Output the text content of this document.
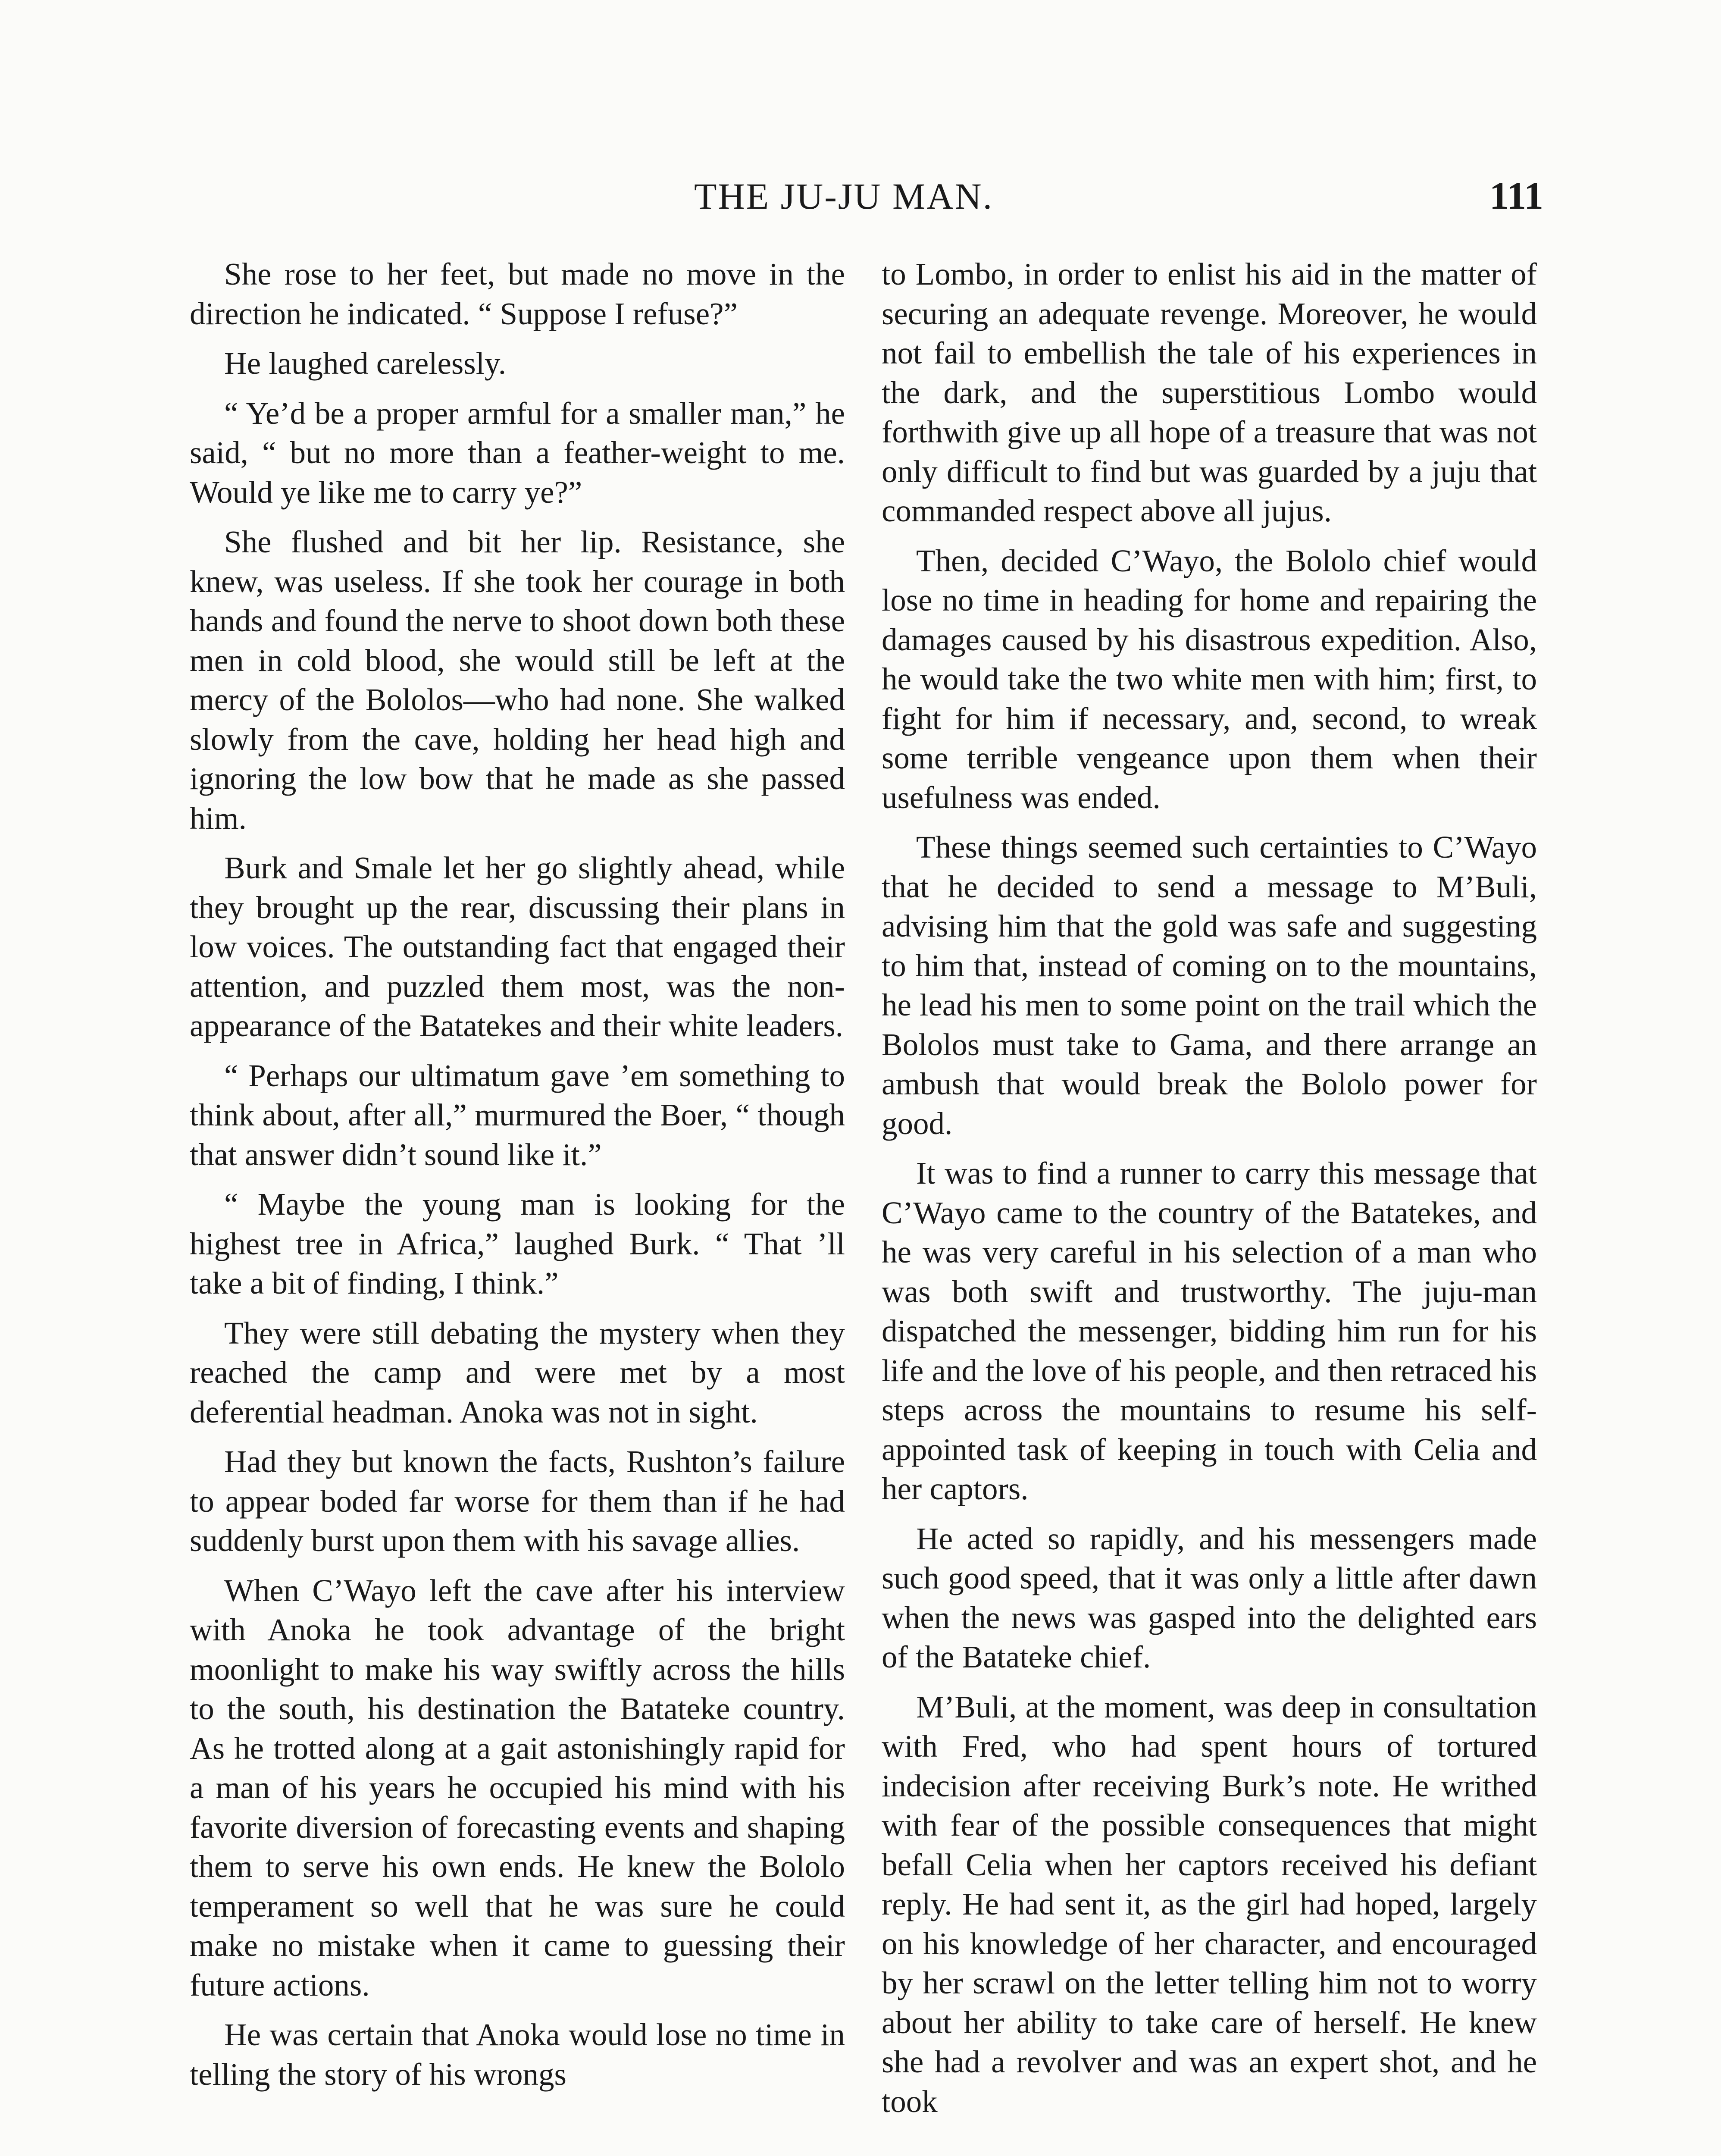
THE JU-JU MAN.	111

She rose to her feet, but made no move in the direction he indicated. “ Suppose I refuse?”

He laughed carelessly.

“ Ye’d be a proper armful for a smaller man,” he said, “ but no more than a feather-weight to me. Would ye like me to carry ye?”

She flushed and bit her lip. Resistance, she knew, was useless. If she took her courage in both hands and found the nerve to shoot down both these men in cold blood, she would still be left at the mercy of the Bololos—who had none. She walked slowly from the cave, holding her head high and ignoring the low bow that he made as she passed him.

Burk and Smale let her go slightly ahead, while they brought up the rear, discussing their plans in low voices. The outstanding fact that engaged their attention, and puzzled them most, was the non-appearance of the Batatekes and their white leaders.

“ Perhaps our ultimatum gave ’em something to think about, after all,” murmured the Boer, “ though that answer didn’t sound like it.”

“ Maybe the young man is looking for the highest tree in Africa,” laughed Burk. “ That ’ll take a bit of finding, I think.”

They were still debating the mystery when they reached the camp and were met by a most deferential headman. Anoka was not in sight.

Had they but known the facts, Rushton’s failure to appear boded far worse for them than if he had suddenly burst upon them with his savage allies.

When C’Wayo left the cave after his interview with Anoka he took advantage of the bright moonlight to make his way swiftly across the hills to the south, his destination the Batateke country. As he trotted along at a gait astonishingly rapid for a man of his years he occupied his mind with his favorite diversion of forecasting events and shaping them to serve his own ends. He knew the Bololo temperament so well that he was sure he could make no mistake when it came to guessing their future actions.

He was certain that Anoka would lose no time in telling the story of his wrongs

to Lombo, in order to enlist his aid in the matter of securing an adequate revenge. Moreover, he would not fail to embellish the tale of his experiences in the dark, and the superstitious Lombo would forthwith give up all hope of a treasure that was not only difficult to find but was guarded by a juju that commanded respect above all jujus.

Then, decided C’Wayo, the Bololo chief would lose no time in heading for home and repairing the damages caused by his disastrous expedition. Also, he would take the two white men with him; first, to fight for him if necessary, and, second, to wreak some terrible vengeance upon them when their usefulness was ended.

These things seemed such certainties to C’Wayo that he decided to send a message to M’Buli, advising him that the gold was safe and suggesting to him that, instead of coming on to the mountains, he lead his men to some point on the trail which the Bololos must take to Gama, and there arrange an ambush that would break the Bololo power for good.

It was to find a runner to carry this message that C’Wayo came to the country of the Batatekes, and he was very careful in his selection of a man who was both swift and trustworthy. The juju-man dispatched the messenger, bidding him run for his life and the love of his people, and then retraced his steps across the mountains to resume his self-appointed task of keeping in touch with Celia and her captors.

He acted so rapidly, and his messengers made such good speed, that it was only a little after dawn when the news was gasped into the delighted ears of the Batateke chief.

M’Buli, at the moment, was deep in consultation with Fred, who had spent hours of tortured indecision after receiving Burk’s note. He writhed with fear of the possible consequences that might befall Celia when her captors received his defiant reply. He had sent it, as the girl had hoped, largely on his knowledge of her character, and encouraged by her scrawl on the letter telling him not to worry about her ability to take care of herself. He knew she had a revolver and was an expert shot, and he took
